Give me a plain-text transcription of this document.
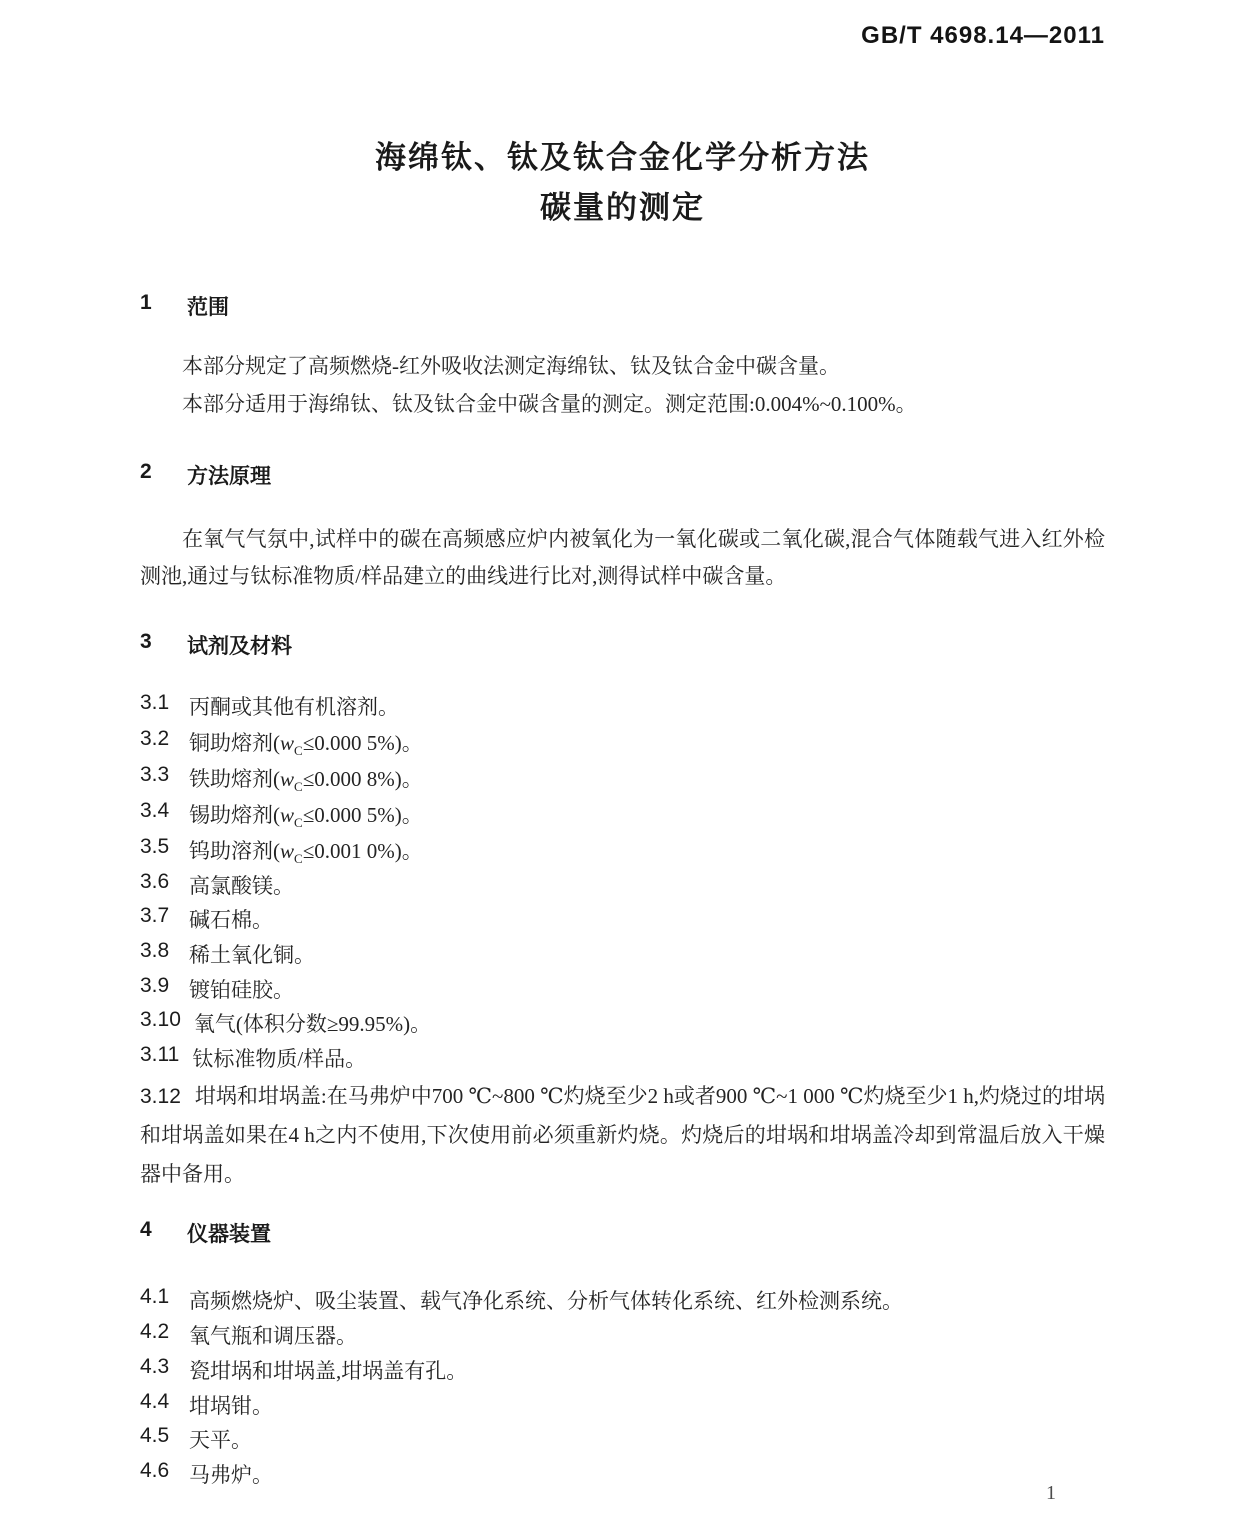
GB/T 4698.14—2011
海绵钛、钛及钛合金化学分析方法
碳量的测定
1	范围
本部分规定了高频燃烧-红外吸收法测定海绵钛、钛及钛合金中碳含量。
本部分适用于海绵钛、钛及钛合金中碳含量的测定。测定范围:0.004%~0.100%。
2	方法原理
在氧气气氛中,试样中的碳在高频感应炉内被氧化为一氧化碳或二氧化碳,混合气体随载气进入红外检测池,通过与钛标准物质/样品建立的曲线进行比对,测得试样中碳含量。
3	试剂及材料
3.1 丙酮或其他有机溶剂。
3.2 铜助熔剂($w_C\le 0.000$ 5%)。
3.3 铁助熔剂($w_C\le 0.000$ 8%)。
3.4 锡助熔剂($w_C\le 0.000$ 5%)。
3.5 钨助溶剂($w_C\le 0.001$ 0%)。
3.6 高氯酸镁。
3.7 碱石棉。
3.8 稀土氧化铜。
3.9 镀铂硅胶。
3.10 氧气(体积分数≥99.95%)。
3.11 钛标准物质/样品。
3.12 坩埚和坩埚盖:在马弗炉中700 ℃~800 ℃灼烧至少2 h或者900 ℃~1 000 ℃灼烧至少1 h,灼烧过的坩埚和坩埚盖如果在4 h之内不使用,下次使用前必须重新灼烧。灼烧后的坩埚和坩埚盖冷却到常温后放入干燥器中备用。
4	仪器装置
4.1 高频燃烧炉、吸尘装置、载气净化系统、分析气体转化系统、红外检测系统。
4.2 氧气瓶和调压器。
4.3 瓷坩埚和坩埚盖,坩埚盖有孔。
4.4 坩埚钳。
4.5 天平。
4.6 马弗炉。
1
